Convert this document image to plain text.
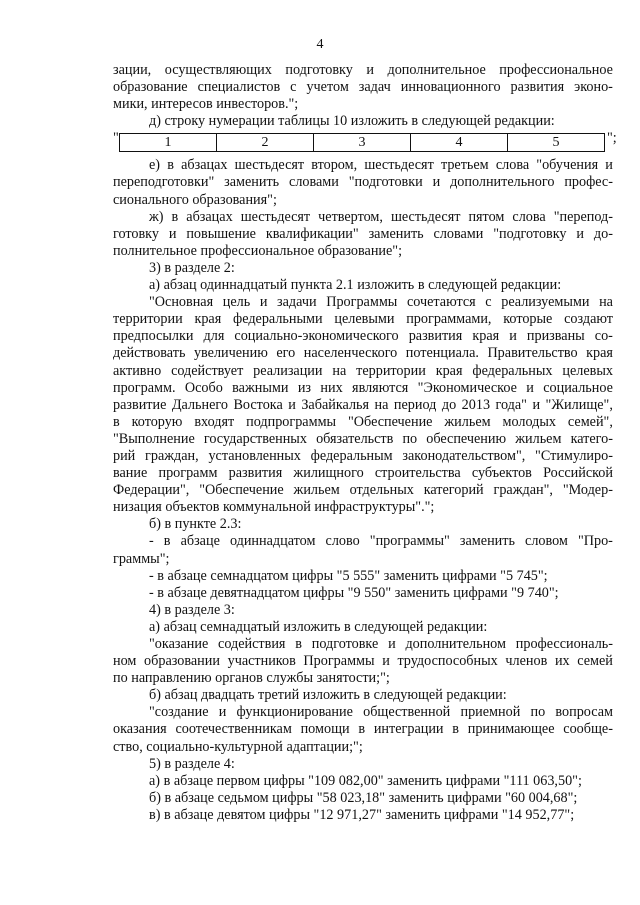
4
зации, осуществляющих подготовку и дополнительное профессиональное
образование специалистов с учетом задач инновационного развития эконо-
мики, интересов инвесторов.";
д) строку нумерации таблицы 10 изложить в следующей редакции:
"	1	2	3	4	5	";
е) в абзацах шестьдесят втором, шестьдесят третьем слова "обучения и
переподготовки" заменить словами "подготовки и дополнительного профес-
сионального образования";
ж) в абзацах шестьдесят четвертом, шестьдесят пятом слова "перепод-
готовку и повышение квалификации" заменить словами "подготовку и до-
полнительное профессиональное образование";
3) в разделе 2:
а) абзац одиннадцатый пункта 2.1 изложить в следующей редакции:
"Основная цель и задачи Программы сочетаются с реализуемыми на
территории края федеральными целевыми программами, которые создают
предпосылки для социально-экономического развития края и призваны со-
действовать увеличению его населенческого потенциала. Правительство края
активно содействует реализации на территории края федеральных целевых
программ. Особо важными из них являются "Экономическое и социальное
развитие Дальнего Востока и Забайкалья на период до 2013 года" и "Жилище",
в которую входят подпрограммы "Обеспечение жильем молодых семей",
"Выполнение государственных обязательств по обеспечению жильем катего-
рий граждан, установленных федеральным законодательством", "Стимулиро-
вание программ развития жилищного строительства субъектов Российской
Федерации", "Обеспечение жильем отдельных категорий граждан", "Модер-
низация объектов коммунальной инфраструктуры".";
б) в пункте 2.3:
- в абзаце одиннадцатом слово "программы" заменить словом "Про-
граммы";
- в абзаце семнадцатом цифры "5 555" заменить цифрами "5 745";
- в абзаце девятнадцатом цифры "9 550" заменить цифрами "9 740";
4) в разделе 3:
а) абзац семнадцатый изложить в следующей редакции:
"оказание содействия в подготовке и дополнительном профессиональ-
ном образовании участников Программы и трудоспособных членов их семей
по направлению органов службы занятости;";
б) абзац двадцать третий изложить в следующей редакции:
"создание и функционирование общественной приемной по вопросам
оказания соотечественникам помощи в интеграции в принимающее сообще-
ство, социально-культурной адаптации;";
5) в разделе 4:
а) в абзаце первом цифры "109 082,00" заменить цифрами "111 063,50";
б) в абзаце седьмом цифры "58 023,18" заменить цифрами "60 004,68";
в) в абзаце девятом цифры "12 971,27" заменить цифрами "14 952,77";
